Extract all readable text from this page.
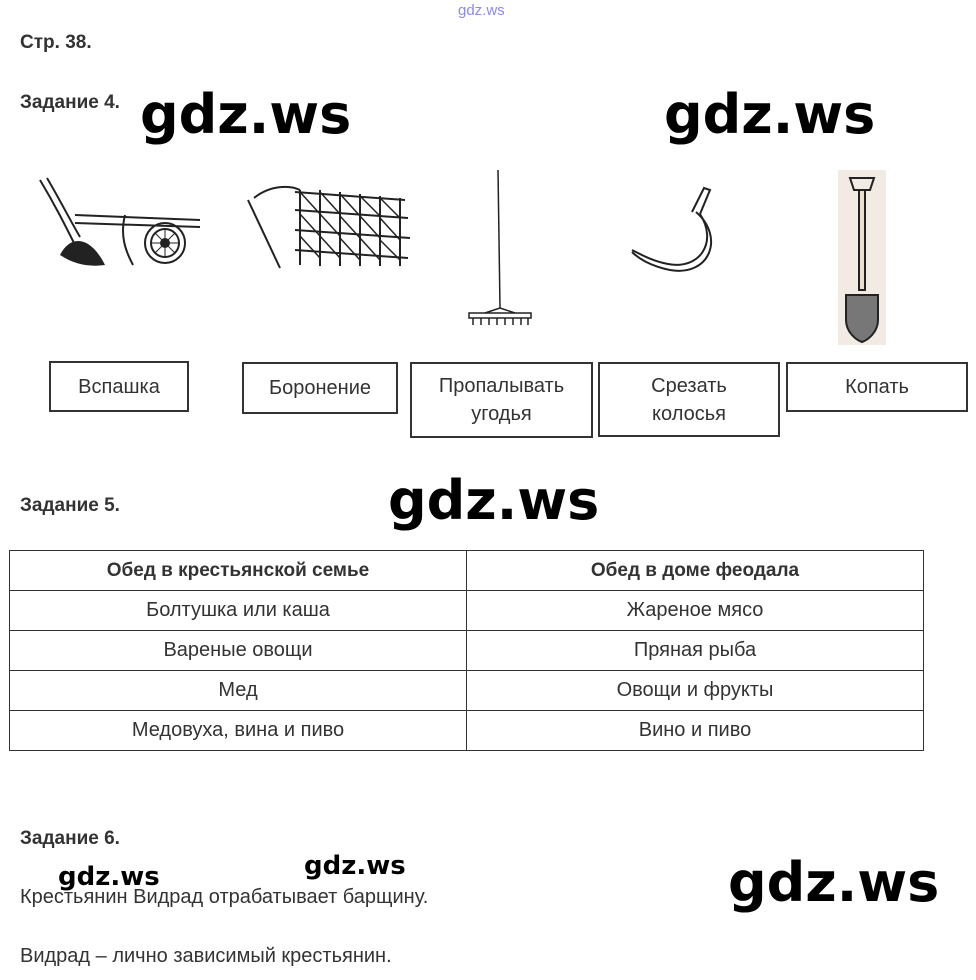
gdz.ws
Стр. 38.
Задание 4. gdz.ws	gdz.ws
Вспашка	Боронение	Пропалывать
угодья
Срезать
колосья
Копать
Задание 5.	gdz.ws
Обед в крестьянской семье	Обед в доме феодала
Болтушка или каша	Жареное мясо
Вареные овощи	Пряная рыба
Мед	Овощи и фрукты
Медовуха, вина и пиво	Вино и пиво
Задание 6.
gdz.ws	gdz.ws	gdz.ws
Крестьянин Видрад отрабатывает барщину.
Видрад – лично зависимый крестьянин.
